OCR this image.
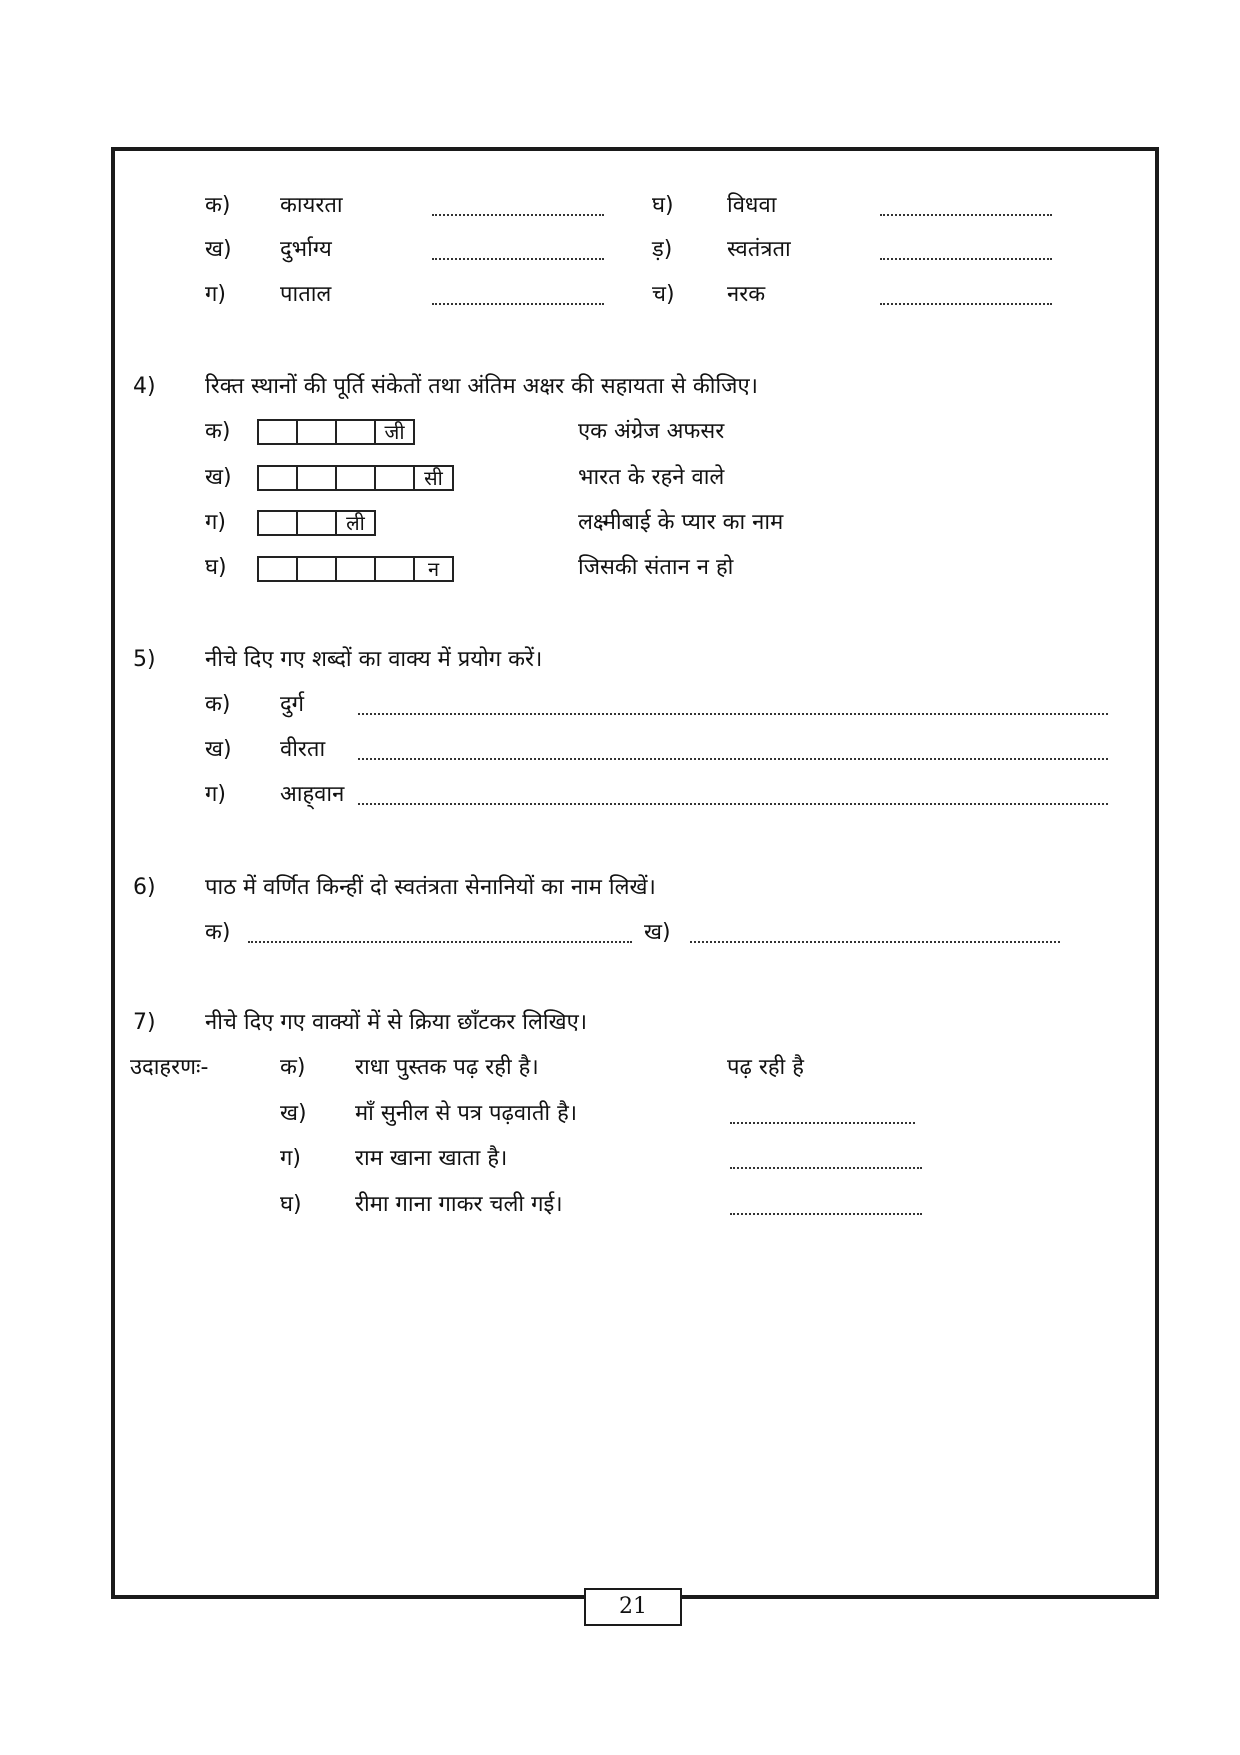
क) कायरता	घ) विधवा
ख) दुर्भाग्य	ड़) स्वतंत्रता
ग) पाताल	च) नरक
4) रिक्त स्थानों की पूर्ति संकेतों तथा अंतिम अक्षर की सहायता से कीजिए।
क)	जी	एक अंग्रेज अफसर
ख)	सी	भारत के रहने वाले
ग)	ली	लक्ष्मीबाई के प्यार का नाम
घ)	न	जिसकी संतान न हो
5) नीचे दिए गए शब्दों का वाक्य में प्रयोग करें।
क) दुर्ग
ख) वीरता
ग) आह्‌वान
6) पाठ में वर्णित किन्हीं दो स्वतंत्रता सेनानियों का नाम लिखें।
क)	ख)
7) नीचे दिए गए वाक्यों में से क्रिया छाँटकर लिखिए।
उदाहरणः-	क) राधा पुस्तक पढ़ रही है।	पढ़ रही है
ख) माँ सुनील से पत्र पढ़वाती है।
ग) राम खाना खाता है।
घ) रीमा गाना गाकर चली गई।
21
